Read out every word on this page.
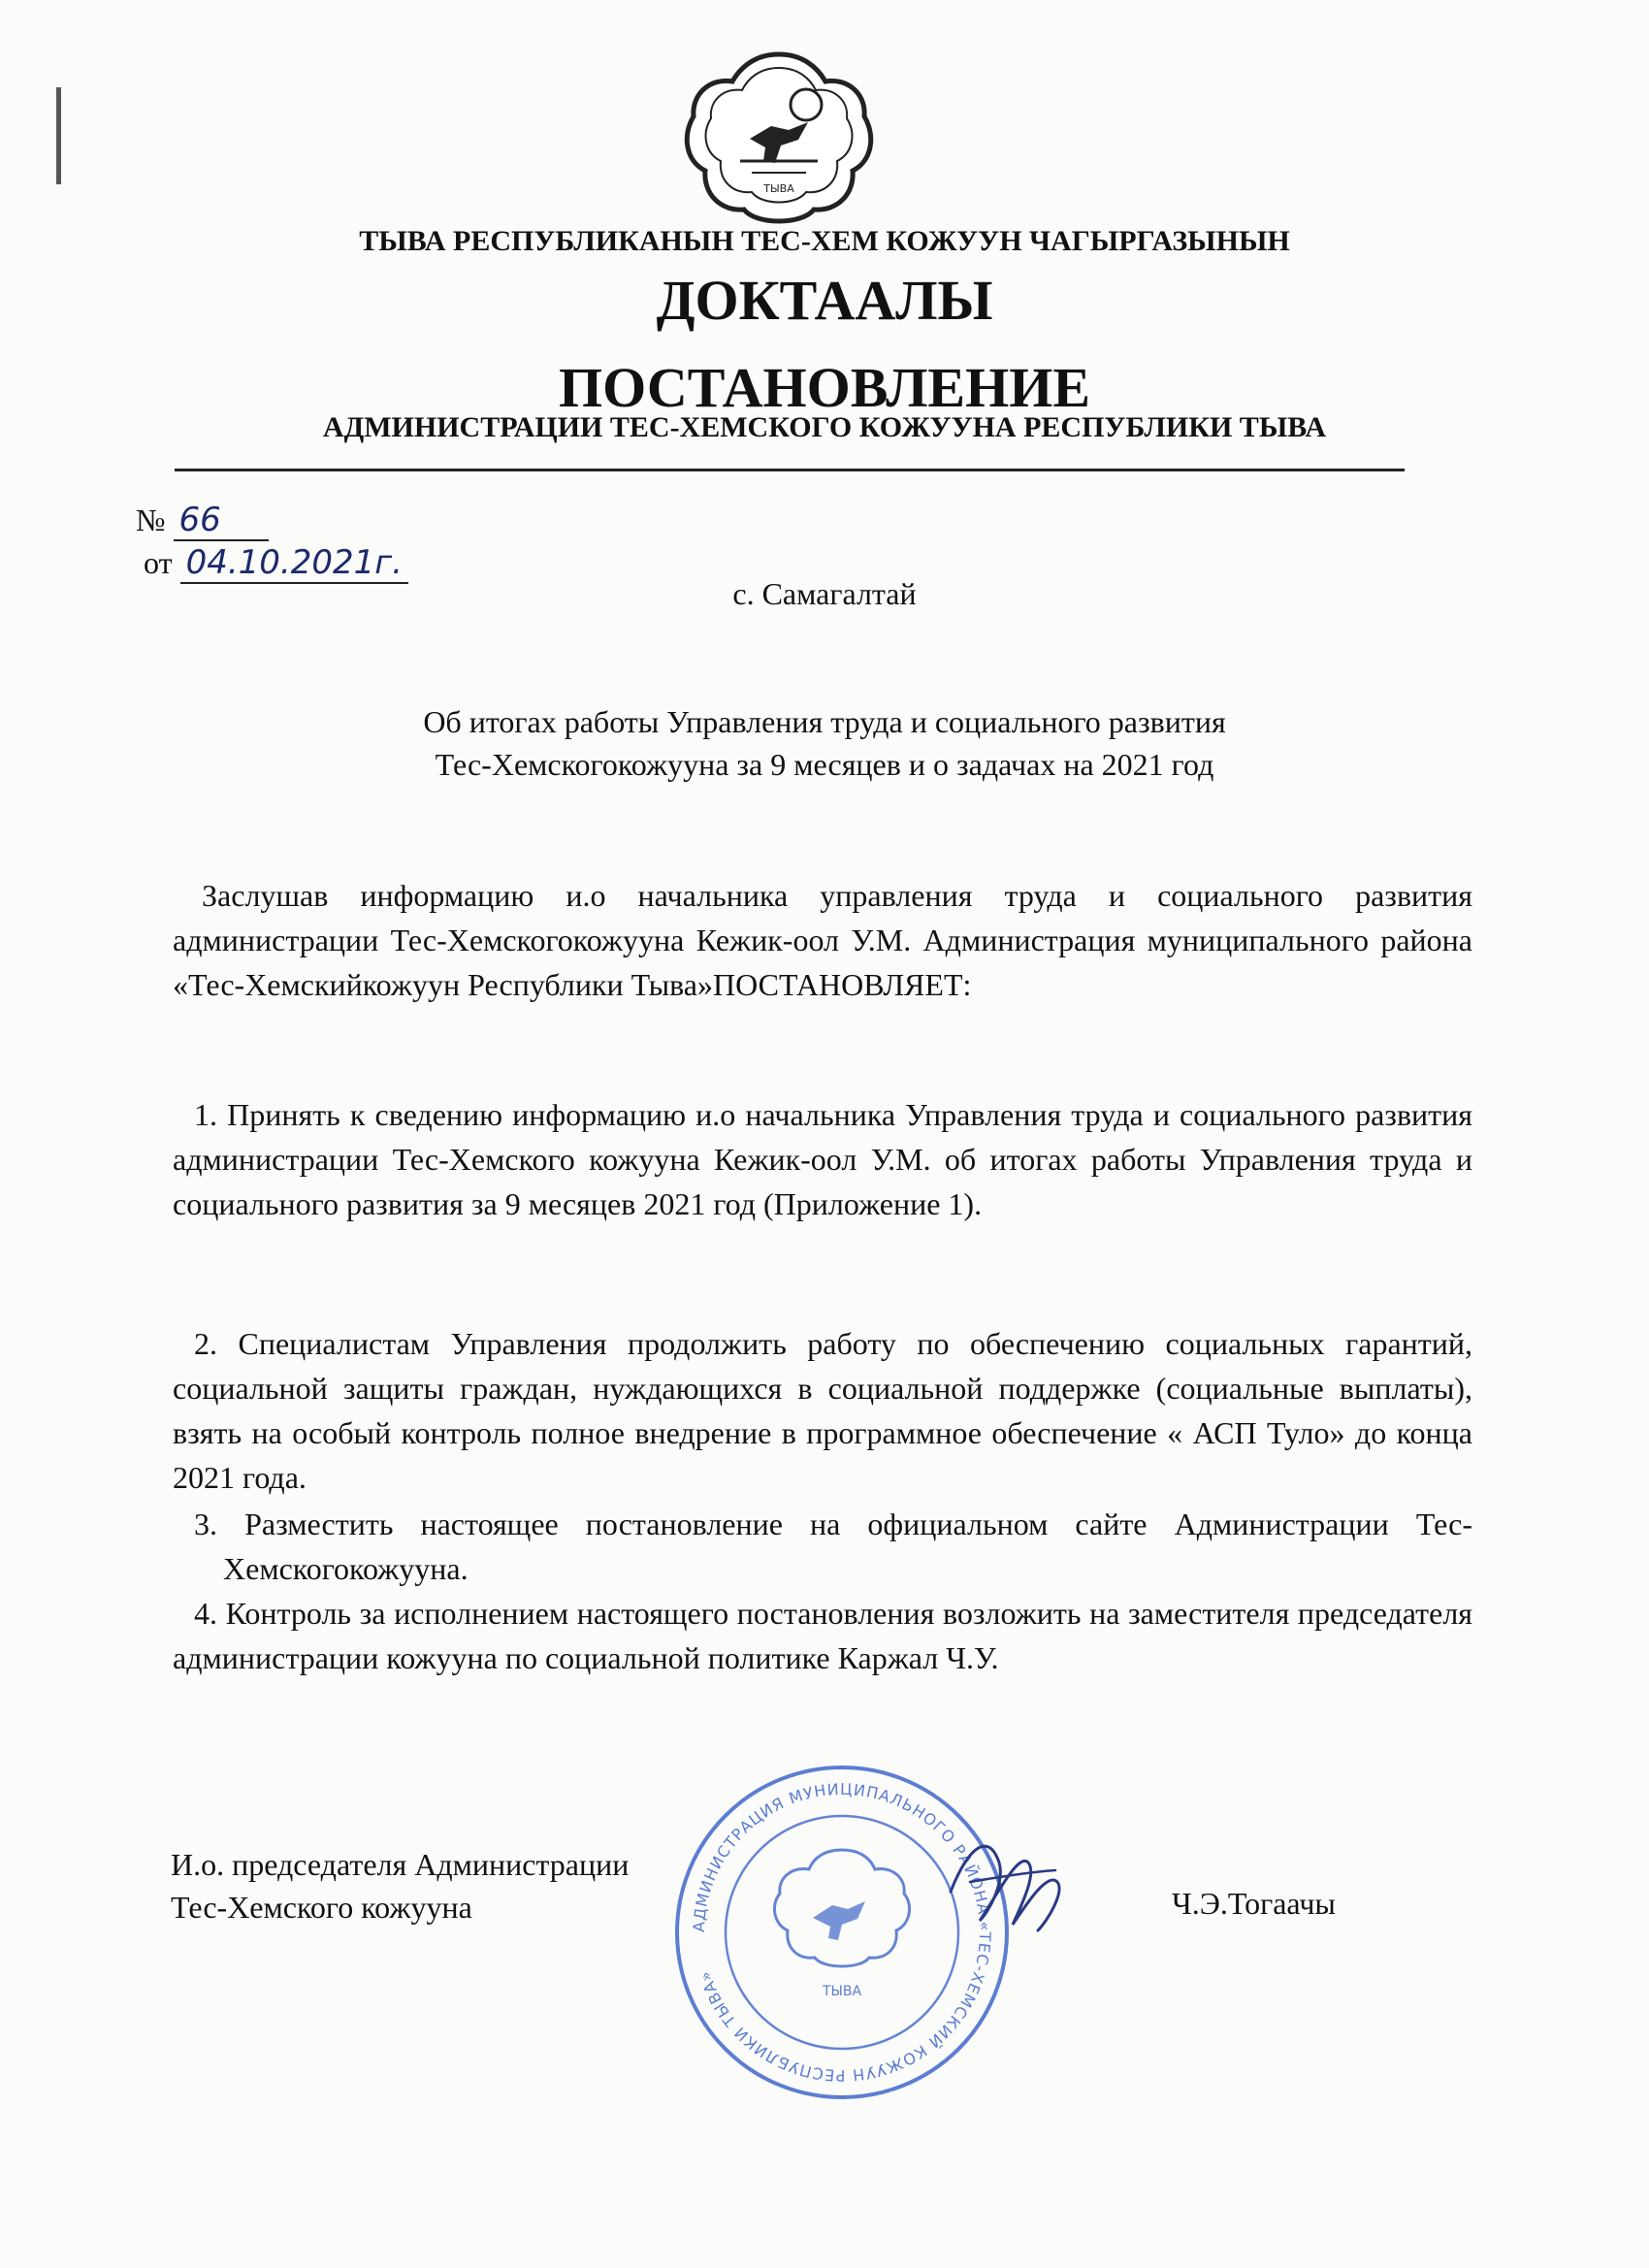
ТЫВА
ТЫВА РЕСПУБЛИКАНЫН ТЕС-ХЕМ КОЖУУН ЧАГЫРГАЗЫНЫН
ДОКТААЛЫ
ПОСТАНОВЛЕНИЕ
АДМИНИСТРАЦИИ ТЕС-ХЕМСКОГО КОЖУУНА РЕСПУБЛИКИ ТЫВА
№ 66
от 04.10.2021г.
с. Самагалтай
Об итогах работы Управления труда и социального развития
Тес-Хемскогокожууна за 9 месяцев и о задачах на 2021 год
Заслушав информацию и.о начальника управления труда и социального развития администрации Тес-Хемскогокожууна Кежик-оол У.М. Администрация муниципального района «Тес-Хемскийкожуун Республики Тыва»ПОСТАНОВЛЯЕТ:
1. Принять к сведению информацию и.о начальника Управления труда и социального развития администрации Тес-Хемского кожууна Кежик-оол У.М. об итогах работы Управления труда и социального развития за 9 месяцев 2021 год (Приложение 1).
2. Специалистам Управления продолжить работу по обеспечению социальных гарантий, социальной защиты граждан, нуждающихся в социальной поддержке (социальные выплаты), взять на особый контроль полное внедрение в программное обеспечение « АСП Туло» до конца 2021 года.
3. Разместить настоящее постановление на официальном сайте Администрации Тес-Хемскогокожууна.
4. Контроль за исполнением настоящего постановления возложить на заместителя председателя администрации кожууна по социальной политике Каржал Ч.У.
АДМИНИСТРАЦИЯ МУНИЦИПАЛЬНОГО РАЙОНА «ТЕС-ХЕМСКИЙ КОЖУУН РЕСПУБЛИКИ ТЫВА»
ТЫВА
И.о. председателя Администрации
Тес-Хемского кожууна	Ч.Э.Тогаачы
